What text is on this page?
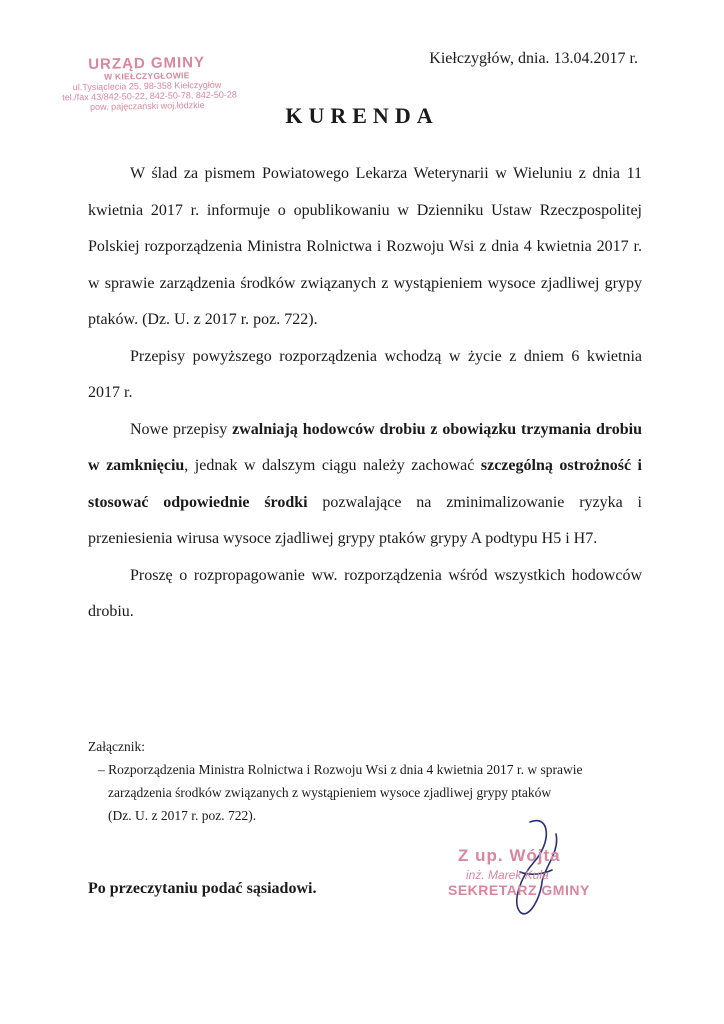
URZĄD GMINY
W KIEŁCZYGŁOWIE
ul.Tysiąclecia 25, 98-358 Kiełczygłów
tel./fax 43/842-50-22, 842-50-78, 842-50-28
pow. pajęczański woj.łódzkie
Kiełczygłów, dnia. 13.04.2017 r.
KURENDA

W ślad za pismem Powiatowego Lekarza Weterynarii w Wieluniu z dnia 11 kwietnia 2017 r. informuje o opublikowaniu w Dzienniku Ustaw Rzeczpospolitej Polskiej rozporządzenia Ministra Rolnictwa i Rozwoju Wsi z dnia 4 kwietnia 2017 r. w sprawie zarządzenia środków związanych z wystąpieniem wysoce zjadliwej grypy ptaków. (Dz. U. z 2017 r. poz. 722).

Przepisy powyższego rozporządzenia wchodzą w życie z dniem 6 kwietnia 2017 r.

Nowe przepisy zwalniają hodowców drobiu z obowiązku trzymania drobiu w zamknięciu, jednak w dalszym ciągu należy zachować szczególną ostrożność i stosować odpowiednie środki pozwalające na zminimalizowanie ryzyka i przeniesienia wirusa wysoce zjadliwej grypy ptaków grypy A podtypu H5 i H7.

Proszę o rozpropagowanie ww. rozporządzenia wśród wszystkich hodowców drobiu.

Załącznik:
– Rozporządzenia Ministra Rolnictwa i Rozwoju Wsi z dnia 4 kwietnia 2017 r. w sprawie
zarządzenia środków związanych z wystąpieniem wysoce zjadliwej grypy ptaków
(Dz. U. z 2017 r. poz. 722).
Po przeczytaniu podać sąsiadowi.
Z up. Wójta
inż. Marek Kula
SEKRETARZ GMINY
